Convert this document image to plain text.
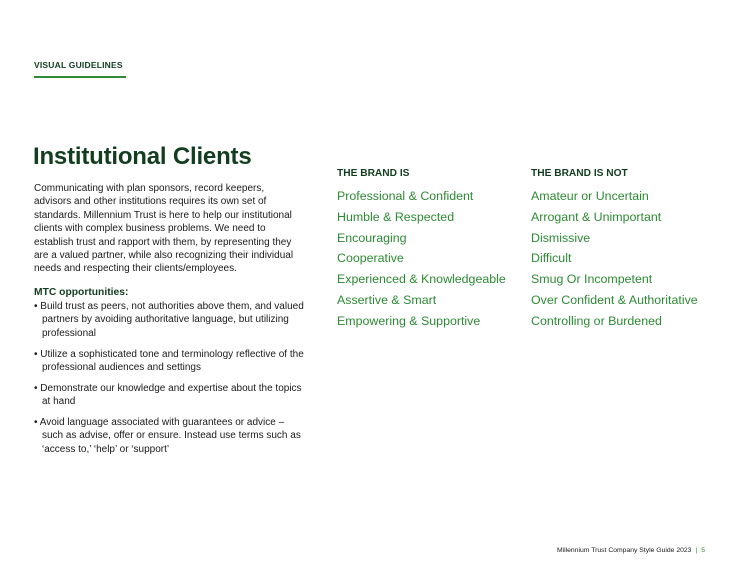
VISUAL GUIDELINES
Institutional Clients

Communicating with plan sponsors, record keepers, advisors and other institutions requires its own set of standards. Millennium Trust is here to help our institutional clients with complex business problems. We need to establish trust and rapport with them, by representing they are a valued partner, while also recognizing their individual needs and respecting their clients/employees.

MTC opportunities:

• Build trust as peers, not authorities above them, and valued partners by avoiding authoritative language, but utilizing professional

• Utilize a sophisticated tone and terminology reflective of the professional audiences and settings

• Demonstrate our knowledge and expertise about the topics at hand

• Avoid language associated with guarantees or advice – such as advise, offer or ensure. Instead use terms such as ‘access to,’ ‘help’ or ‘support’

THE BRAND IS
Professional & Confident
Humble & Respected
Encouraging
Cooperative
Experienced & Knowledgeable
Assertive & Smart
Empowering & Supportive
THE BRAND IS NOT
Amateur or Uncertain
Arrogant & Unimportant
Dismissive
Difficult
Smug Or Incompetent
Over Confident & Authoritative
Controlling or Burdened
Millennium Trust Company Style Guide 2023 | 5
